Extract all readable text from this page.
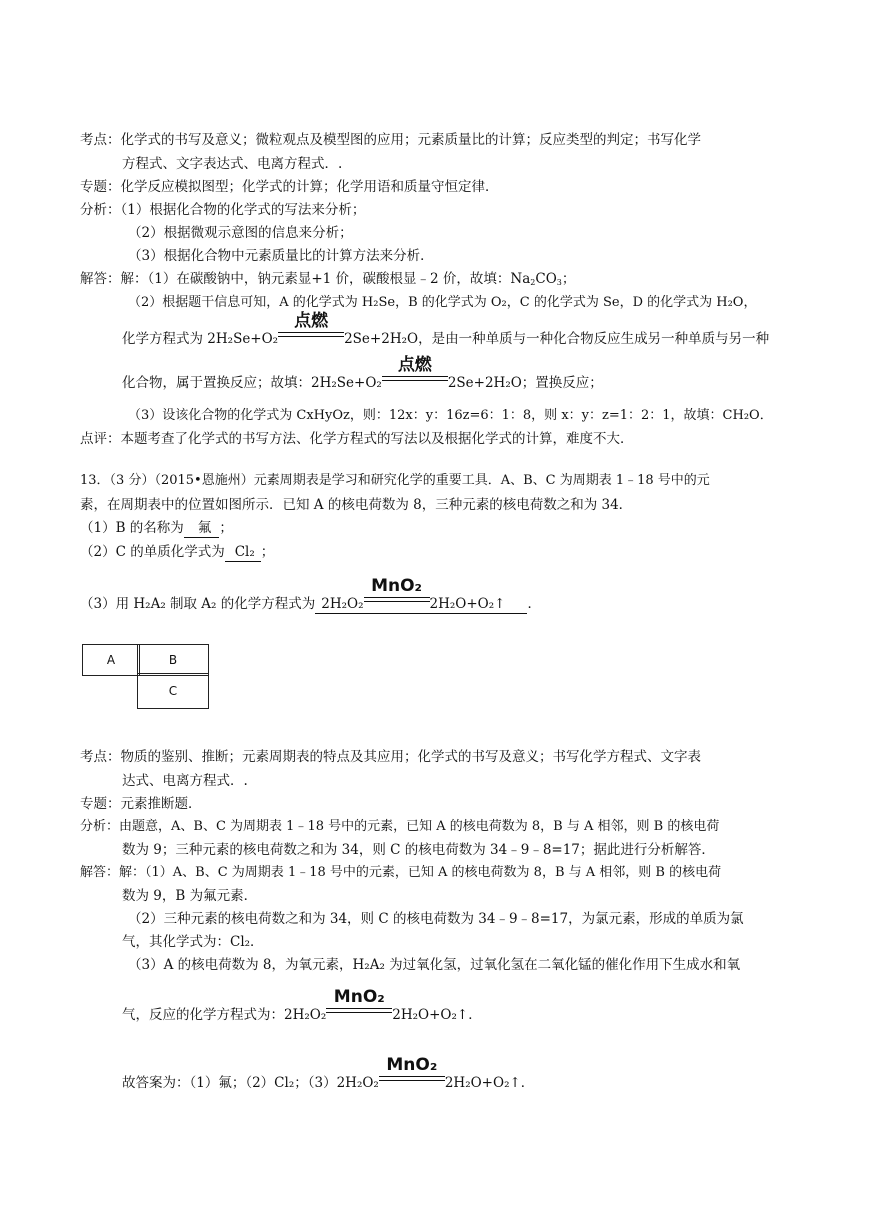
考点：化学式的书写及意义；微粒观点及模型图的应用；元素质量比的计算；反应类型的判定；书写化学
方程式、文字表达式、电离方程式．.
专题：化学反应模拟图型；化学式的计算；化学用语和质量守恒定律．
分析：（1）根据化合物的化学式的写法来分析；
（2）根据微观示意图的信息来分析；
（3）根据化合物中元素质量比的计算方法来分析．
解答：解：（1）在碳酸钠中，钠元素显+1 价，碳酸根显﹣2 价，故填：$Na_2CO_3$；
（2）根据题干信息可知，A 的化学式为 H₂Se，B 的化学式为 O₂，C 的化学式为 Se，D 的化学式为 H₂O，
化学方程式为 2H₂Se+O₂
点燃
2Se+2H₂O，是由一种单质与一种化合物反应生成另一种单质与另一种
化合物，属于置换反应；故填：2H₂Se+O₂
点燃
2Se+2H₂O；置换反应；
（3）设该化合物的化学式为 CxHyOz，则：12x：y：16z=6：1：8，则 x：y：z=1：2：1，故填：CH₂O．
点评：本题考查了化学式的书写方法、化学方程式的写法以及根据化学式的计算，难度不大．
13．（3 分）（2015•恩施州）元素周期表是学习和研究化学的重要工具．A、B、C 为周期表 1﹣18 号中的元
素，在周期表中的位置如图所示．已知 A 的核电荷数为 8，三种元素的核电荷数之和为 34．
（1）B 的名称为 氟 ；
（2）C 的单质化学式为 Cl₂ ；
（3）用 H₂A₂ 制取 A₂ 的化学方程式为 2H₂O₂
MnO₂
2H₂O+O₂↑ ．
A	B
C
考点：物质的鉴别、推断；元素周期表的特点及其应用；化学式的书写及意义；书写化学方程式、文字表
达式、电离方程式．.
专题：元素推断题．
分析：由题意，A、B、C 为周期表 1﹣18 号中的元素，已知 A 的核电荷数为 8，B 与 A 相邻，则 B 的核电荷
数为 9；三种元素的核电荷数之和为 34，则 C 的核电荷数为 34﹣9﹣8=17；据此进行分析解答．
解答：解：（1）A、B、C 为周期表 1﹣18 号中的元素，已知 A 的核电荷数为 8，B 与 A 相邻，则 B 的核电荷
数为 9，B 为氟元素．
（2）三种元素的核电荷数之和为 34，则 C 的核电荷数为 34﹣9﹣8=17，为氯元素，形成的单质为氯
气，其化学式为：Cl₂．
（3）A 的核电荷数为 8，为氧元素，H₂A₂ 为过氧化氢，过氧化氢在二氧化锰的催化作用下生成水和氧
气，反应的化学方程式为：2H₂O₂
MnO₂
2H₂O+O₂↑．
故答案为：（1）氟；（2）Cl₂；（3）2H₂O₂
MnO₂
2H₂O+O₂↑．
